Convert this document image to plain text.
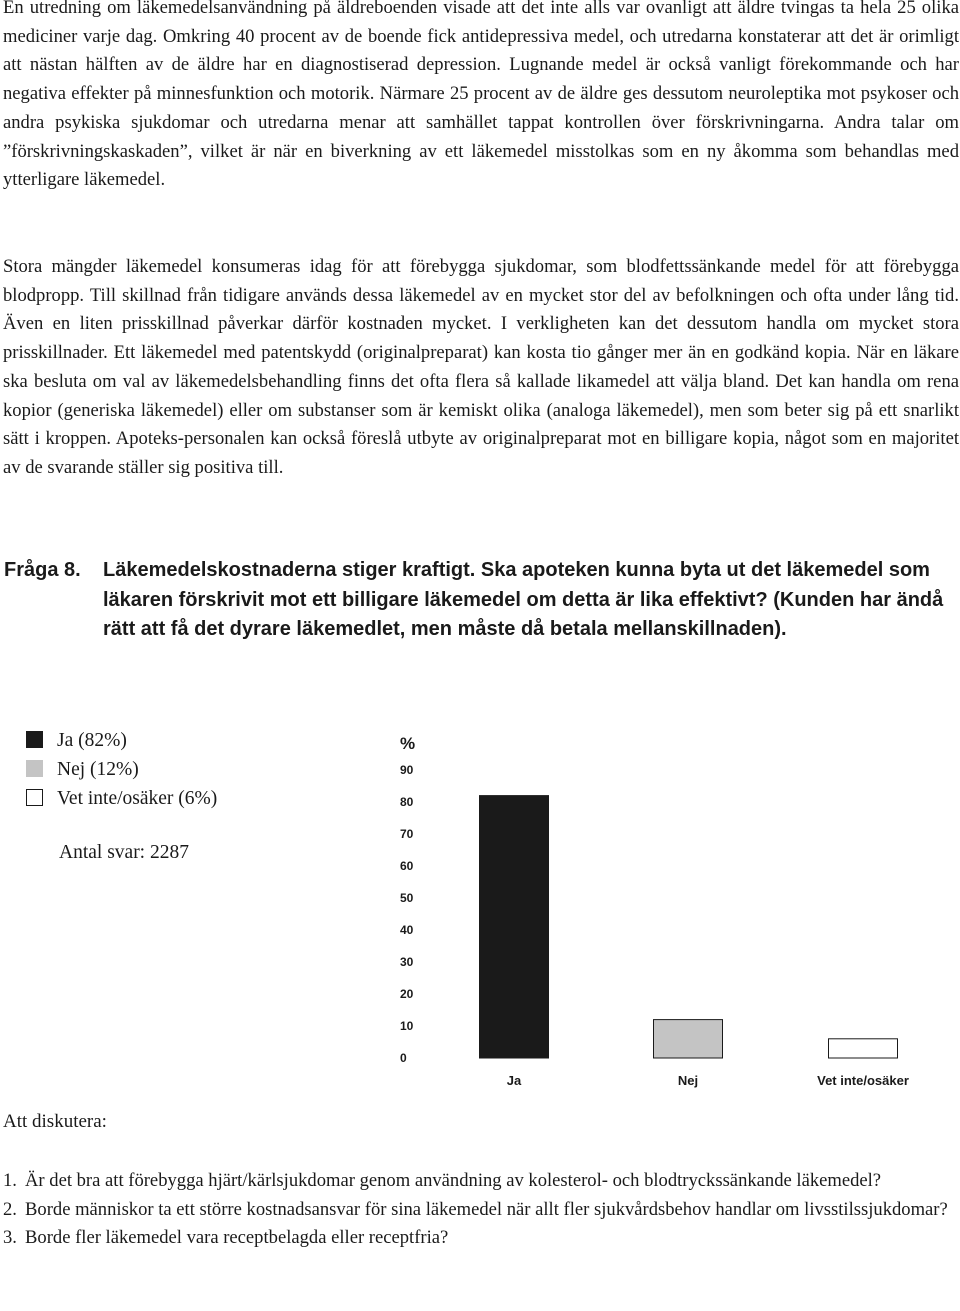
En utredning om läkemedelsanvändning på äldreboenden visade att det inte alls var ovanligt att äldre tvingas ta hela 25 olika mediciner varje dag. Omkring 40 procent av de boende fick antidepressiva medel, och utredarna konstaterar att det är orimligt att nästan hälften av de äldre har en diagnostiserad depression. Lugnande medel är också vanligt förekommande och har negativa effekter på minnesfunktion och motorik. Närmare 25 procent av de äldre ges dessutom neuroleptika mot psykoser och andra psykiska sjukdomar och utredarna menar att samhället tappat kontrollen över förskrivningarna. Andra talar om ”förskrivningskaskaden”, vilket är när en biverkning av ett läkemedel misstolkas som en ny åkomma som behandlas med ytterligare läkemedel.

Stora mängder läkemedel konsumeras idag för att förebygga sjukdomar, som blodfettssänkande medel för att förebygga blodpropp. Till skillnad från tidigare används dessa läkemedel av en mycket stor del av befolkningen och ofta under lång tid. Även en liten prisskillnad påverkar därför kostnaden mycket. I verkligheten kan det dessutom handla om mycket stora prisskillnader. Ett läkemedel med patentskydd (originalpreparat) kan kosta tio gånger mer än en godkänd kopia. När en läkare ska besluta om val av läkemedelsbehandling finns det ofta flera så kallade likamedel att välja bland. Det kan handla om rena kopior (generiska läkemedel) eller om substanser som är kemiskt olika (analoga läkemedel), men som beter sig på ett snarlikt sätt i kroppen. Apoteks-personalen kan också föreslå utbyte av originalpreparat mot en billigare kopia, något som en majoritet av de svarande ställer sig positiva till.

Fråga 8. Läkemedelskostnaderna stiger kraftigt. Ska apoteken kunna byta ut det läkemedel som läkaren förskrivit mot ett billigare läkemedel om detta är lika effektivt? (Kunden har ändå rätt att få det dyrare läkemedlet, men måste då betala mellanskillnaden).

Ja (82%)
Nej (12%)
Vet inte/osäker (6%)
Antal svar: 2287
%
0
10
20
30
40
50
60
70
80
90
Ja	Nej	Vet inte/osäker
Att diskutera:
1. Är det bra att förebygga hjärt/kärlsjukdomar genom användning av kolesterol- och blodtryckssänkande läkemedel?
2. Borde människor ta ett större kostnadsansvar för sina läkemedel när allt fler sjukvårdsbehov handlar om livsstilssjukdomar?
3. Borde fler läkemedel vara receptbelagda eller receptfria?
